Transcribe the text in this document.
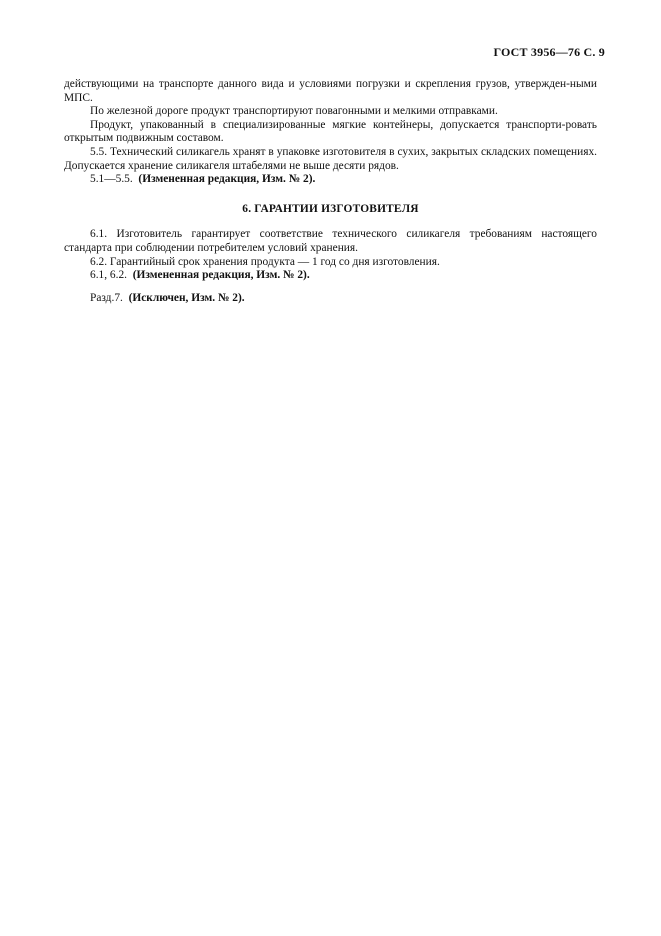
ГОСТ 3956—76 С. 9

действующими на транспорте данного вида и условиями погрузки и скрепления грузов, утвержден-ными МПС.

По железной дороге продукт транспортируют повагонными и мелкими отправками.

Продукт, упакованный в специализированные мягкие контейнеры, допускается транспорти-ровать открытым подвижным составом.

5.5. Технический силикагель хранят в упаковке изготовителя в сухих, закрытых складских помещениях. Допускается хранение силикагеля штабелями не выше десяти рядов.

5.1—5.5. (Измененная редакция, Изм. № 2).

6. ГАРАНТИИ ИЗГОТОВИТЕЛЯ

6.1. Изготовитель гарантирует соответствие технического силикагеля требованиям настоящего стандарта при соблюдении потребителем условий хранения.

6.2. Гарантийный срок хранения продукта — 1 год со дня изготовления.

6.1, 6.2. (Измененная редакция, Изм. № 2).

Разд.7. (Исключен, Изм. № 2).
